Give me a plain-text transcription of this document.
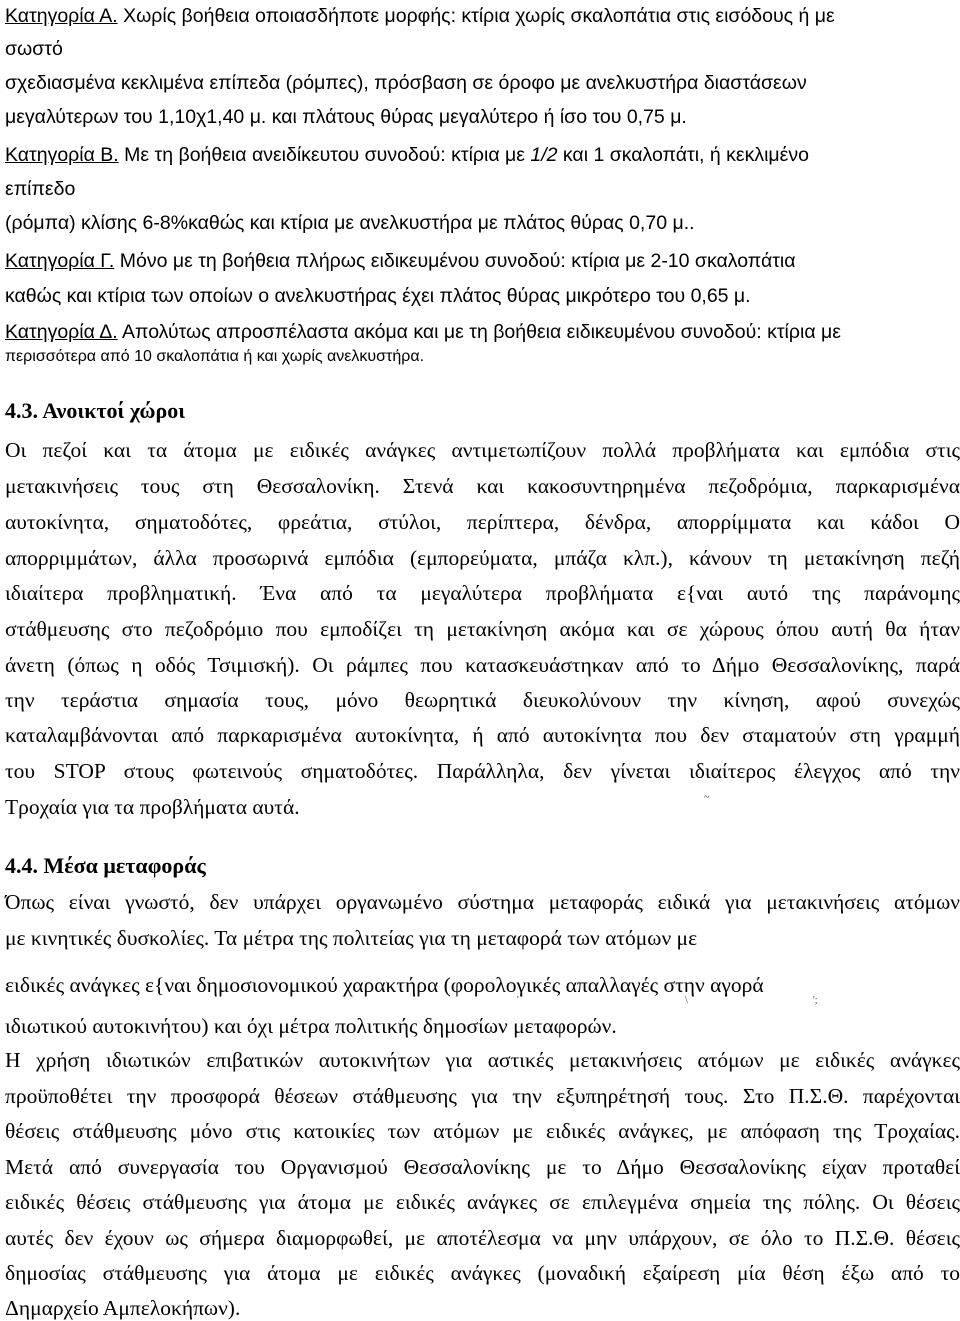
Κατηγορία Α. Χωρίς βοήθεια οποιασδήποτε μορφής: κτίρια χωρίς σκαλοπάτια στις εισόδους ή με
σωστό
σχεδιασμένα κεκλιμένα επίπεδα (ρόμπες), πρόσβαση σε όροφο με ανελκυστήρα διαστάσεων
μεγαλύτερων του 1,10χ1,40 μ. και πλάτους θύρας μεγαλύτερο ή ίσο του 0,75 μ.
Κατηγορία Β. Με τη βοήθεια ανειδίκευτου συνοδού: κτίρια με 1/2 και 1 σκαλοπάτι, ή κεκλιμένο
επίπεδο
(ρόμπα) κλίσης 6-8%καθώς και κτίρια με ανελκυστήρα με πλάτος θύρας 0,70 μ..
Κατηγορία Γ. Μόνο με τη βοήθεια πλήρως ειδικευμένου συνοδού: κτίρια με 2-10 σκαλοπάτια
καθώς και κτίρια των οποίων ο ανελκυστήρας έχει πλάτος θύρας μικρότερο του 0,65 μ.
Κατηγορία Δ. Απολύτως απροσπέλαστα ακόμα και με τη βοήθεια ειδικευμένου συνοδού: κτίρια με
περισσότερα από 10 σκαλοπάτια ή και χωρίς ανελκυστήρα.
4.3. Ανοικτοί χώροι
Οι πεζοί και τα άτομα με ειδικές ανάγκες αντιμετωπίζουν πολλά προβλήματα και εμπόδια στις
μετακινήσεις τους στη Θεσσαλονίκη. Στενά και κακοσυντηρημένα πεζοδρόμια, παρκαρισμένα
αυτοκίνητα, σηματοδότες, φρεάτια, στύλοι, περίπτερα, δένδρα, απορρίμματα και κάδοι O
απορριμμάτων, άλλα προσωρινά εμπόδια (εμπορεύματα, μπάζα κλπ.), κάνουν τη μετακίνηση πεζή
ιδιαίτερα προβληματική. Ένα από τα μεγαλύτερα προβλήματα ε{ναι αυτό της παράνομης
στάθμευσης στο πεζοδρόμιο που εμποδίζει τη μετακίνηση ακόμα και σε χώρους όπου αυτή θα ήταν
άνετη (όπως η οδός Τσιμισκή). Οι ράμπες που κατασκευάστηκαν από το Δήμο Θεσσαλονίκης, παρά
την τεράστια σημασία τους, μόνο θεωρητικά διευκολύνουν την κίνηση, αφού συνεχώς
καταλαμβάνονται από παρκαρισμένα αυτοκίνητα, ή από αυτοκίνητα που δεν σταματούν στη γραμμή
του STOP στους φωτεινούς σηματοδότες. Παράλληλα, δεν γίνεται ιδιαίτερος έλεγχος από την
Τροχαία για τα προβλήματα αυτά.	~
4.4. Μέσα μεταφοράς
Όπως είναι γνωστό, δεν υπάρχει οργανωμένο σύστημα μεταφοράς ειδικά για μετακινήσεις ατόμων
με κινητικές δυσκολίες. Τα μέτρα της πολιτείας για τη μεταφορά των ατόμων με
ειδικές ανάγκες ε{ναι δημοσιονομικού χαρακτήρα (φορολογικές απαλλαγές στην αγορά
'	\	';
ιδιωτικού αυτοκινήτου) και όχι μέτρα πολιτικής δημοσίων μεταφορών.
Η χρήση ιδιωτικών επιβατικών αυτοκινήτων για αστικές μετακινήσεις ατόμων με ειδικές ανάγκες
προϋποθέτει την προσφορά θέσεων στάθμευσης για την εξυπηρέτησή τους. Στο Π.Σ.Θ. παρέχονται
θέσεις στάθμευσης μόνο στις κατοικίες των ατόμων με ειδικές ανάγκες, με απόφαση της Τροχαίας.
Μετά από συνεργασία του Οργανισμού Θεσσαλονίκης με το Δήμο Θεσσαλονίκης είχαν προταθεί
ειδικές θέσεις στάθμευσης για άτομα με ειδικές ανάγκες σε επιλεγμένα σημεία της πόλης. Οι θέσεις
αυτές δεν έχουν ως σήμερα διαμορφωθεί, με αποτέλεσμα να μην υπάρχουν, σε όλο το Π.Σ.Θ. θέσεις
δημοσίας στάθμευσης για άτομα με ειδικές ανάγκες (μοναδική εξαίρεση μία θέση έξω από το
Δημαρχείο Αμπελοκήπων).
